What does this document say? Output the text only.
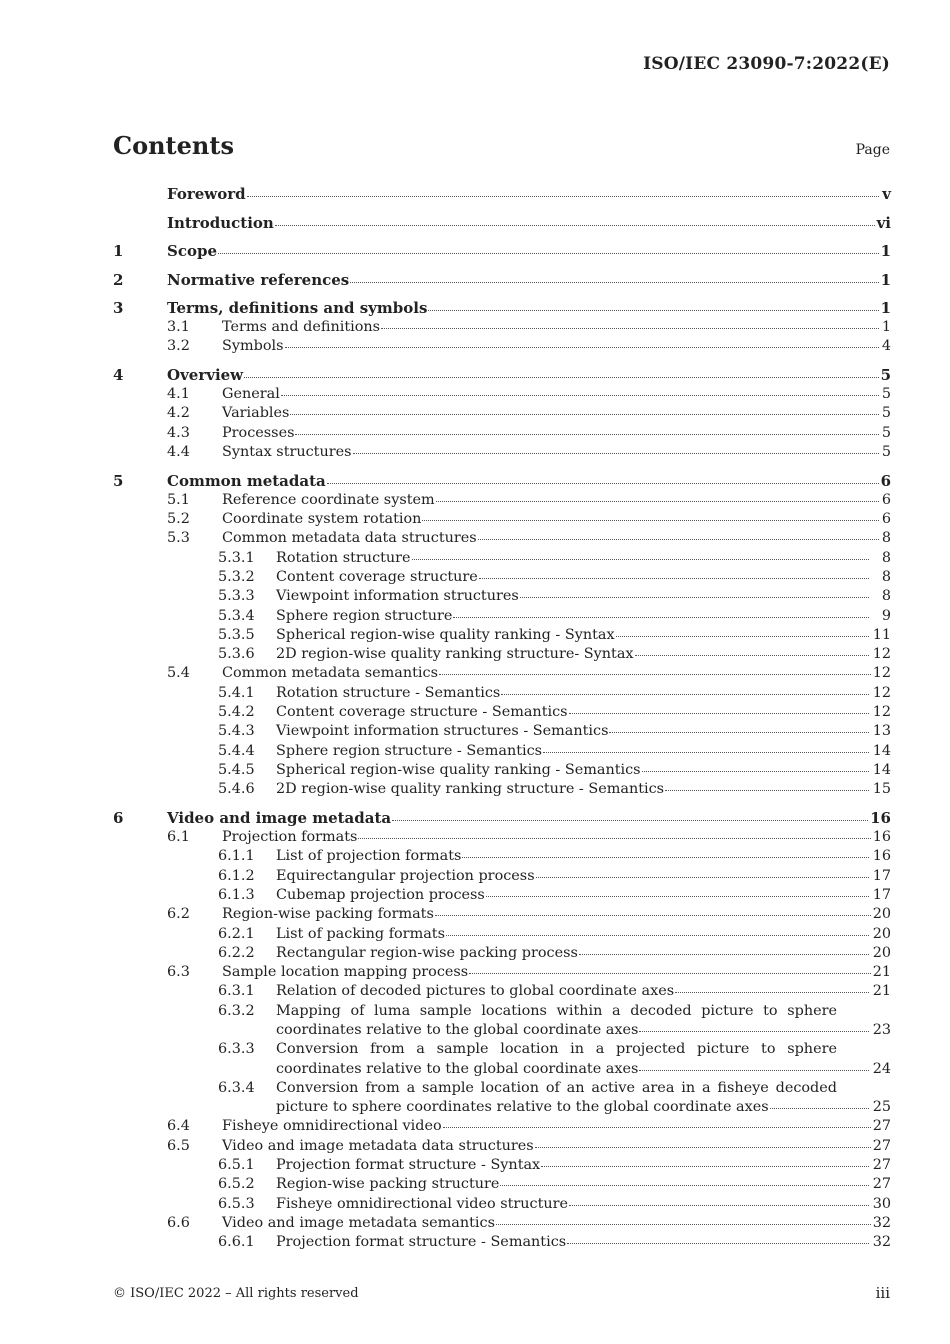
ISO/IEC 23090-7:2022(E)
Contents	Page
Foreword	v
Introduction	vi
1	Scope	1
2	Normative references	1
3	Terms, definitions and symbols	1
3.1	Terms and definitions	1
3.2	Symbols	4
4	Overview	5
4.1	General	5
4.2	Variables	5
4.3	Processes	5
4.4	Syntax structures	5
5	Common metadata	6
5.1	Reference coordinate system	6
5.2	Coordinate system rotation	6
5.3	Common metadata data structures	8
5.3.1	Rotation structure	8
5.3.2	Content coverage structure	8
5.3.3	Viewpoint information structures	8
5.3.4	Sphere region structure	9
5.3.5	Spherical region-wise quality ranking - Syntax	11
5.3.6	2D region-wise quality ranking structure- Syntax	12
5.4	Common metadata semantics	12
5.4.1	Rotation structure - Semantics	12
5.4.2	Content coverage structure - Semantics	12
5.4.3	Viewpoint information structures - Semantics	13
5.4.4	Sphere region structure - Semantics	14
5.4.5	Spherical region-wise quality ranking - Semantics	14
5.4.6	2D region-wise quality ranking structure - Semantics	15
6	Video and image metadata	16
6.1	Projection formats	16
6.1.1	List of projection formats	16
6.1.2	Equirectangular projection process	17
6.1.3	Cubemap projection process	17
6.2	Region-wise packing formats	20
6.2.1	List of packing formats	20
6.2.2	Rectangular region-wise packing process	20
6.3	Sample location mapping process	21
6.3.1	Relation of decoded pictures to global coordinate axes	21
6.3.2	Mapping of luma sample locations within a decoded picture to sphere
coordinates relative to the global coordinate axes	23
6.3.3	Conversion from a sample location in a projected picture to sphere
coordinates relative to the global coordinate axes	24
6.3.4	Conversion from a sample location of an active area in a fisheye decoded
picture to sphere coordinates relative to the global coordinate axes	25
6.4	Fisheye omnidirectional video	27
6.5	Video and image metadata data structures	27
6.5.1	Projection format structure - Syntax	27
6.5.2	Region-wise packing structure	27
6.5.3	Fisheye omnidirectional video structure	30
6.6	Video and image metadata semantics	32
6.6.1	Projection format structure - Semantics	32
© ISO/IEC 2022 – All rights reserved	iii
